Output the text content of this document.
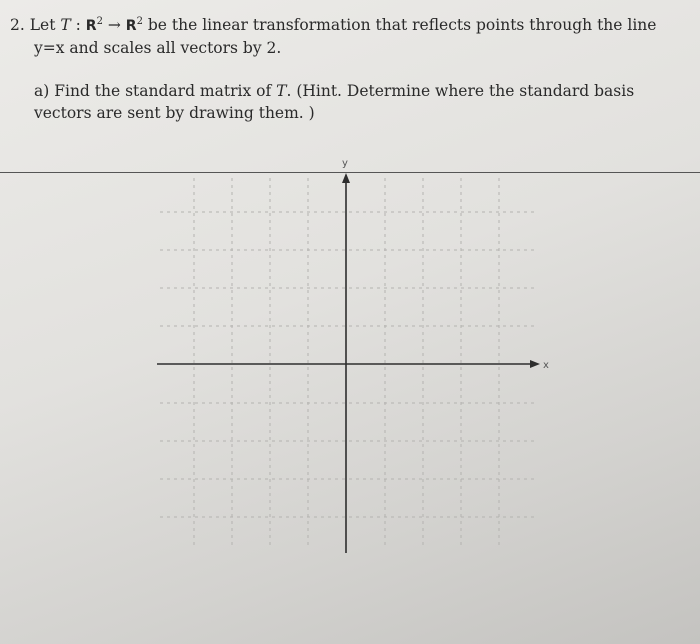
2. Let T : $R^2 \to R^2$ be the linear transformation that reflects points through the line
y=x and scales all vectors by 2.
a) Find the standard matrix of T. (Hint. Determine where the standard basis vectors are sent by drawing them. )
x
y
